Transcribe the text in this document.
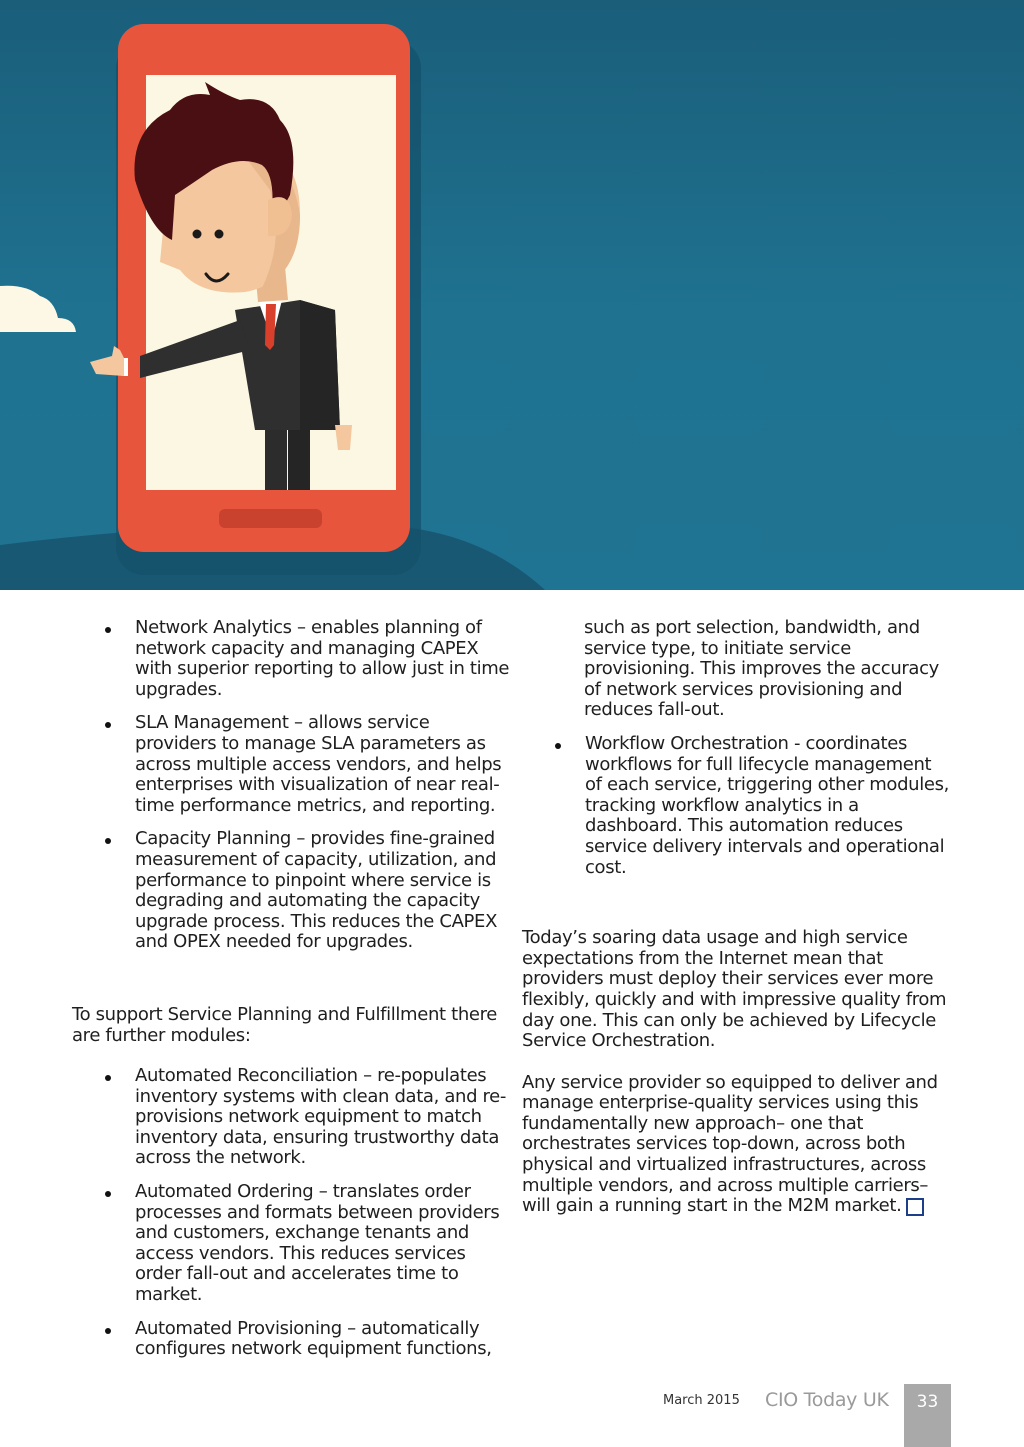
Network Analytics – enables planning of network capacity and managing CAPEX with superior reporting to allow just in time upgrades.
SLA Management – allows service providers to manage SLA parameters as across multiple access vendors, and helps enterprises with visualization of near real-time performance metrics, and reporting.
Capacity Planning – provides fine-grained measurement of capacity, utilization, and performance to pinpoint where service is degrading and automating the capacity upgrade process. This reduces the CAPEX and OPEX needed for upgrades.

To support Service Planning and Fulfillment there are further modules:

Automated Reconciliation – re-populates inventory systems with clean data, and re-provisions network equipment to match inventory data, ensuring trustworthy data across the network.
Automated Ordering – translates order processes and formats between providers and customers, exchange tenants and access vendors. This reduces services order fall-out and accelerates time to market.
Automated Provisioning – automatically configures network equipment functions,

such as port selection, bandwidth, and service type, to initiate service provisioning. This improves the accuracy of network services provisioning and reduces fall-out.

Workflow Orchestration - coordinates workflows for full lifecycle management of each service, triggering other modules, tracking workflow analytics in a dashboard. This automation reduces service delivery intervals and operational cost.

Today’s soaring data usage and high service expectations from the Internet mean that providers must deploy their services ever more flexibly, quickly and with impressive quality from day one. This can only be achieved by Lifecycle Service Orchestration.

Any service provider so equipped to deliver and manage enterprise-quality services using this fundamentally new approach– one that orchestrates services top-down, across both physical and virtualized infrastructures, across multiple vendors, and across multiple carriers– will gain a running start in the M2M market.

March 2015 CIO Today UK	33
